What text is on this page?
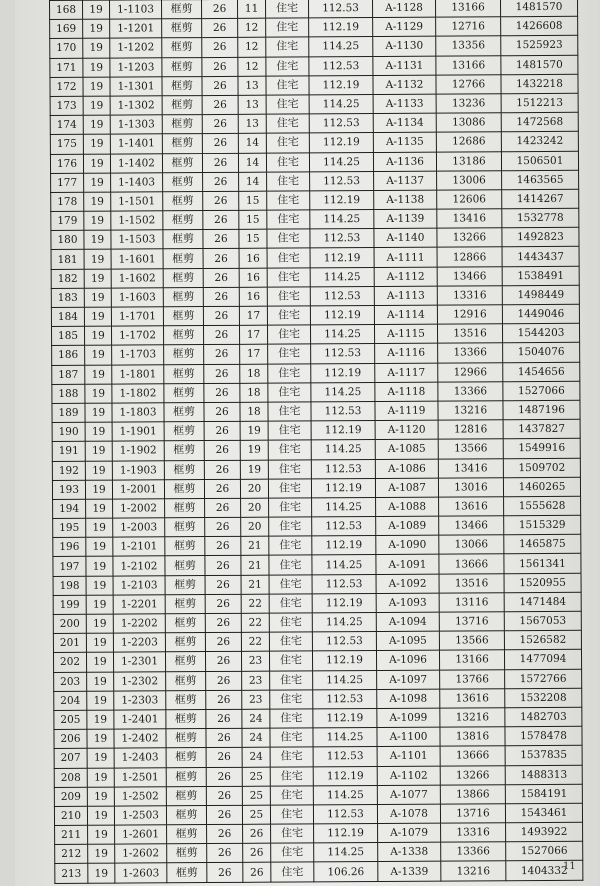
168	19	1-1103	框剪	26	11	住宅	112.53	A-1128	13166	1481570
169	19	1-1201	框剪	26	12	住宅	112.19	A-1129	12716	1426608
170	19	1-1202	框剪	26	12	住宅	114.25	A-1130	13356	1525923
171	19	1-1203	框剪	26	12	住宅	112.53	A-1131	13166	1481570
172	19	1-1301	框剪	26	13	住宅	112.19	A-1132	12766	1432218
173	19	1-1302	框剪	26	13	住宅	114.25	A-1133	13236	1512213
174	19	1-1303	框剪	26	13	住宅	112.53	A-1134	13086	1472568
175	19	1-1401	框剪	26	14	住宅	112.19	A-1135	12686	1423242
176	19	1-1402	框剪	26	14	住宅	114.25	A-1136	13186	1506501
177	19	1-1403	框剪	26	14	住宅	112.53	A-1137	13006	1463565
178	19	1-1501	框剪	26	15	住宅	112.19	A-1138	12606	1414267
179	19	1-1502	框剪	26	15	住宅	114.25	A-1139	13416	1532778
180	19	1-1503	框剪	26	15	住宅	112.53	A-1140	13266	1492823
181	19	1-1601	框剪	26	16	住宅	112.19	A-1111	12866	1443437
182	19	1-1602	框剪	26	16	住宅	114.25	A-1112	13466	1538491
183	19	1-1603	框剪	26	16	住宅	112.53	A-1113	13316	1498449
184	19	1-1701	框剪	26	17	住宅	112.19	A-1114	12916	1449046
185	19	1-1702	框剪	26	17	住宅	114.25	A-1115	13516	1544203
186	19	1-1703	框剪	26	17	住宅	112.53	A-1116	13366	1504076
187	19	1-1801	框剪	26	18	住宅	112.19	A-1117	12966	1454656
188	19	1-1802	框剪	26	18	住宅	114.25	A-1118	13366	1527066
189	19	1-1803	框剪	26	18	住宅	112.53	A-1119	13216	1487196
190	19	1-1901	框剪	26	19	住宅	112.19	A-1120	12816	1437827
191	19	1-1902	框剪	26	19	住宅	114.25	A-1085	13566	1549916
192	19	1-1903	框剪	26	19	住宅	112.53	A-1086	13416	1509702
193	19	1-2001	框剪	26	20	住宅	112.19	A-1087	13016	1460265
194	19	1-2002	框剪	26	20	住宅	114.25	A-1088	13616	1555628
195	19	1-2003	框剪	26	20	住宅	112.53	A-1089	13466	1515329
196	19	1-2101	框剪	26	21	住宅	112.19	A-1090	13066	1465875
197	19	1-2102	框剪	26	21	住宅	114.25	A-1091	13666	1561341
198	19	1-2103	框剪	26	21	住宅	112.53	A-1092	13516	1520955
199	19	1-2201	框剪	26	22	住宅	112.19	A-1093	13116	1471484
200	19	1-2202	框剪	26	22	住宅	114.25	A-1094	13716	1567053
201	19	1-2203	框剪	26	22	住宅	112.53	A-1095	13566	1526582
202	19	1-2301	框剪	26	23	住宅	112.19	A-1096	13166	1477094
203	19	1-2302	框剪	26	23	住宅	114.25	A-1097	13766	1572766
204	19	1-2303	框剪	26	23	住宅	112.53	A-1098	13616	1532208
205	19	1-2401	框剪	26	24	住宅	112.19	A-1099	13216	1482703
206	19	1-2402	框剪	26	24	住宅	114.25	A-1100	13816	1578478
207	19	1-2403	框剪	26	24	住宅	112.53	A-1101	13666	1537835
208	19	1-2501	框剪	26	25	住宅	112.19	A-1102	13266	1488313
209	19	1-2502	框剪	26	25	住宅	114.25	A-1077	13866	1584191
210	19	1-2503	框剪	26	25	住宅	112.53	A-1078	13716	1543461
211	19	1-2601	框剪	26	26	住宅	112.19	A-1079	13316	1493922
212	19	1-2602	框剪	26	26	住宅	114.25	A-1338	13366	1527066
213	19	1-2603	框剪	26	26	住宅	106.26	A-1339	13216	1404332
11
